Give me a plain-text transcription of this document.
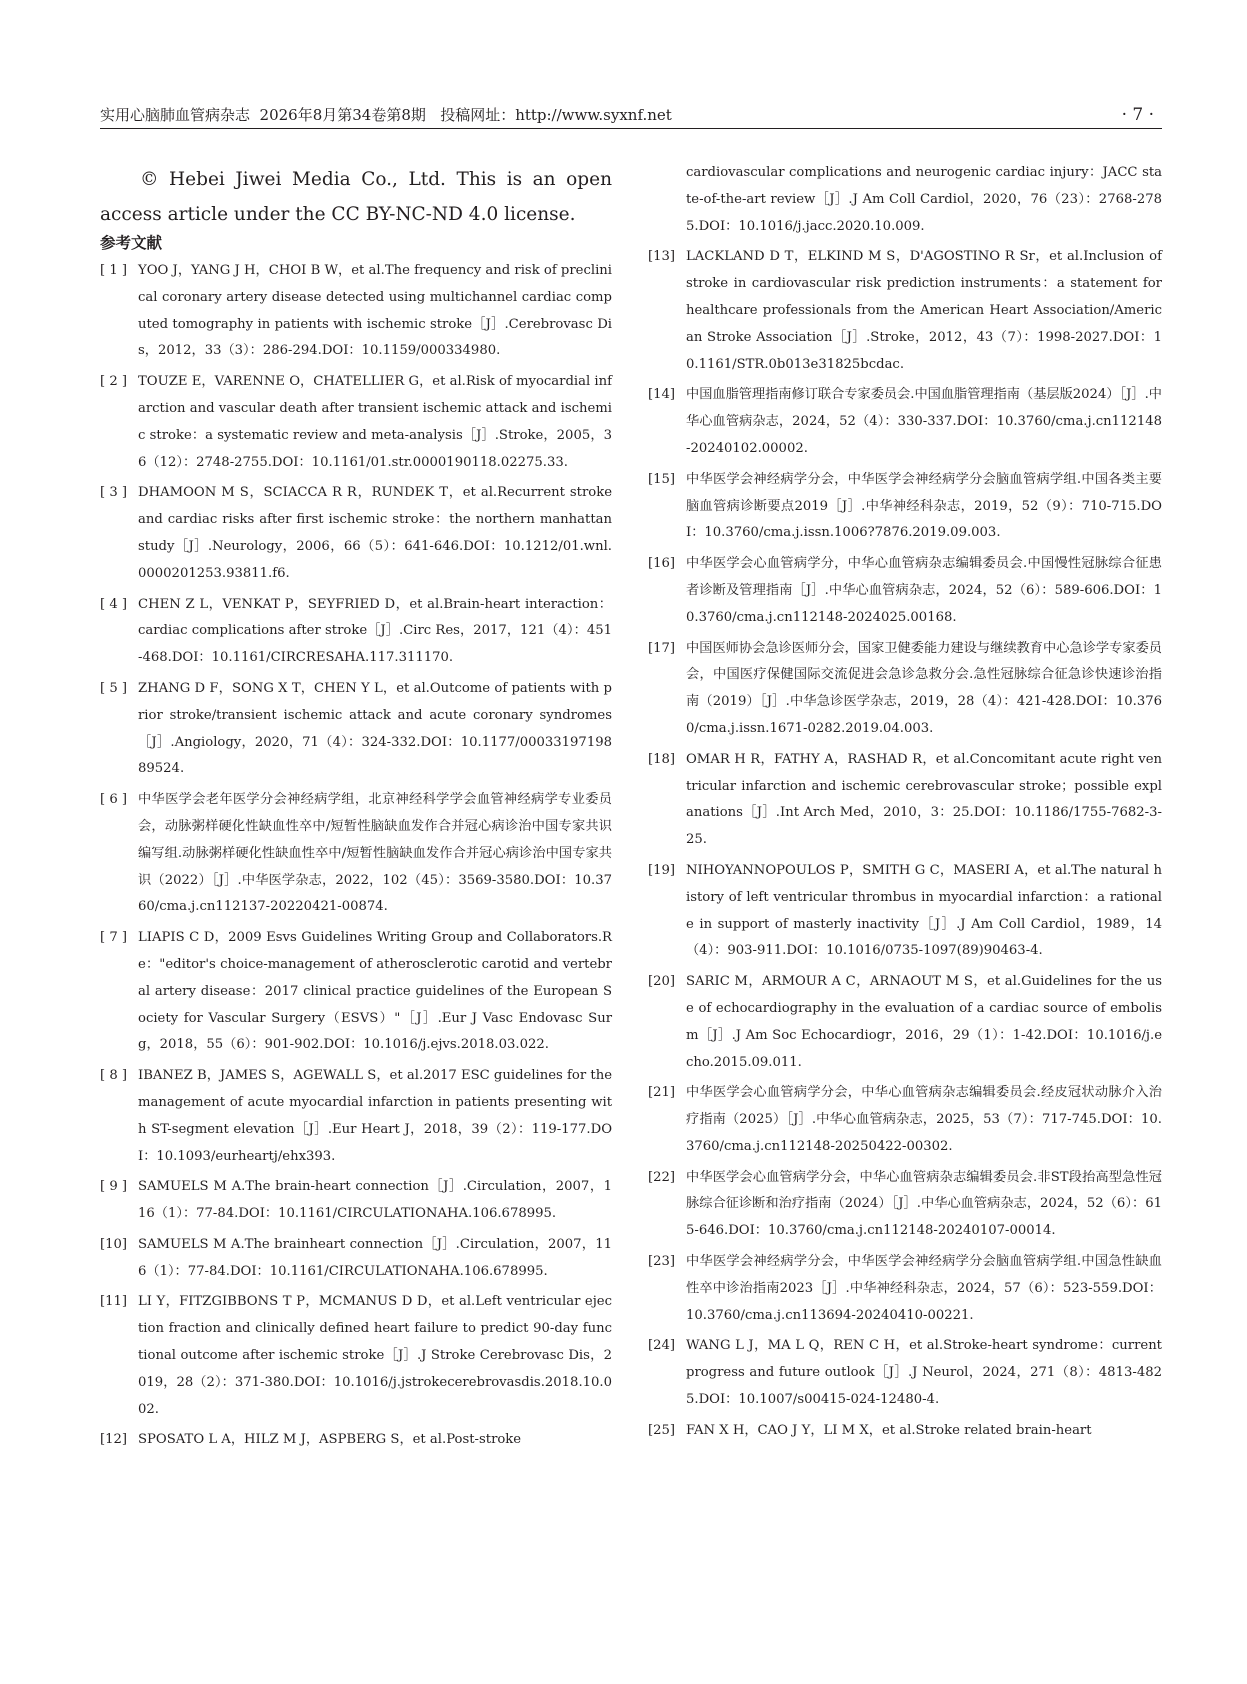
实用心脑肺血管病杂志  2026年8月第34卷第8期   投稿网址：http://www.syxnf.net	· 7 ·

© Hebei Jiwei Media Co., Ltd. This is an open access article under the CC BY-NC-ND 4.0 license.

参考文献
[ 1 ] YOO J，YANG J H，CHOI B W，et al.The frequency and risk of preclinical coronary artery disease detected using multichannel cardiac computed tomography in patients with ischemic stroke［J］.Cerebrovasc Dis，2012，33（3）：286-294.DOI：10.1159/000334980.
[ 2 ] TOUZE E，VARENNE O，CHATELLIER G，et al.Risk of myocardial infarction and vascular death after transient ischemic attack and ischemic stroke：a systematic review and meta-analysis［J］.Stroke，2005，36（12）：2748-2755.DOI：10.1161/01.str.0000190118.02275.33.
[ 3 ] DHAMOON M S，SCIACCA R R，RUNDEK T，et al.Recurrent stroke and cardiac risks after first ischemic stroke：the northern manhattan study［J］.Neurology，2006，66（5）：641-646.DOI：10.1212/01.wnl.0000201253.93811.f6.
[ 4 ] CHEN Z L，VENKAT P，SEYFRIED D，et al.Brain-heart interaction：cardiac complications after stroke［J］.Circ Res，2017，121（4）：451-468.DOI：10.1161/CIRCRESAHA.117.311170.
[ 5 ] ZHANG D F，SONG X T，CHEN Y L，et al.Outcome of patients with prior stroke/transient ischemic attack and acute coronary syndromes［J］.Angiology，2020，71（4）：324-332.DOI：10.1177/0003319719889524.
[ 6 ] 中华医学会老年医学分会神经病学组，北京神经科学学会血管神经病学专业委员会，动脉粥样硬化性缺血性卒中/短暂性脑缺血发作合并冠心病诊治中国专家共识编写组.动脉粥样硬化性缺血性卒中/短暂性脑缺血发作合并冠心病诊治中国专家共识（2022）［J］.中华医学杂志，2022，102（45）：3569-3580.DOI：10.3760/cma.j.cn112137-20220421-00874.
[ 7 ] LIAPIS C D，2009 Esvs Guidelines Writing Group and Collaborators.Re："editor's choice-management of atherosclerotic carotid and vertebral artery disease：2017 clinical practice guidelines of the European Society for Vascular Surgery（ESVS）"［J］.Eur J Vasc Endovasc Surg，2018，55（6）：901-902.DOI：10.1016/j.ejvs.2018.03.022.
[ 8 ] IBANEZ B，JAMES S，AGEWALL S，et al.2017 ESC guidelines for the management of acute myocardial infarction in patients presenting with ST-segment elevation［J］.Eur Heart J，2018，39（2）：119-177.DOI：10.1093/eurheartj/ehx393.
[ 9 ] SAMUELS M A.The brain-heart connection［J］.Circulation，2007，116（1）：77-84.DOI：10.1161/CIRCULATIONAHA.106.678995.
[10] SAMUELS M A.The brainheart connection［J］.Circulation，2007，116（1）：77-84.DOI：10.1161/CIRCULATIONAHA.106.678995.
[11] LI Y，FITZGIBBONS T P，MCMANUS D D，et al.Left ventricular ejection fraction and clinically defined heart failure to predict 90-day functional outcome after ischemic stroke［J］.J Stroke Cerebrovasc Dis，2019，28（2）：371-380.DOI：10.1016/j.jstrokecerebrovasdis.2018.10.002.
[12] SPOSATO L A，HILZ M J，ASPBERG S，et al.Post-stroke
cardiovascular complications and neurogenic cardiac injury：JACC state-of-the-art review［J］.J Am Coll Cardiol，2020，76（23）：2768-2785.DOI：10.1016/j.jacc.2020.10.009.
[13] LACKLAND D T，ELKIND M S，D'AGOSTINO R Sr，et al.Inclusion of stroke in cardiovascular risk prediction instruments：a statement for healthcare professionals from the American Heart Association/American Stroke Association［J］.Stroke，2012，43（7）：1998-2027.DOI：10.1161/STR.0b013e31825bcdac.
[14] 中国血脂管理指南修订联合专家委员会.中国血脂管理指南（基层版2024）［J］.中华心血管病杂志，2024，52（4）：330-337.DOI：10.3760/cma.j.cn112148-20240102.00002.
[15] 中华医学会神经病学分会，中华医学会神经病学分会脑血管病学组.中国各类主要脑血管病诊断要点2019［J］.中华神经科杂志，2019，52（9）：710-715.DOI：10.3760/cma.j.issn.1006?7876.2019.09.003.
[16] 中华医学会心血管病学分，中华心血管病杂志编辑委员会.中国慢性冠脉综合征患者诊断及管理指南［J］.中华心血管病杂志，2024，52（6）：589-606.DOI：10.3760/cma.j.cn112148-2024025.00168.
[17] 中国医师协会急诊医师分会，国家卫健委能力建设与继续教育中心急诊学专家委员会，中国医疗保健国际交流促进会急诊急救分会.急性冠脉综合征急诊快速诊治指南（2019）［J］.中华急诊医学杂志，2019，28（4）：421-428.DOI：10.3760/cma.j.issn.1671-0282.2019.04.003.
[18] OMAR H R，FATHY A，RASHAD R，et al.Concomitant acute right ventricular infarction and ischemic cerebrovascular stroke；possible explanations［J］.Int Arch Med，2010，3：25.DOI：10.1186/1755-7682-3-25.
[19] NIHOYANNOPOULOS P，SMITH G C，MASERI A，et al.The natural history of left ventricular thrombus in myocardial infarction：a rationale in support of masterly inactivity［J］.J Am Coll Cardiol，1989，14（4）：903-911.DOI：10.1016/0735-1097(89)90463-4.
[20] SARIC M，ARMOUR A C，ARNAOUT M S，et al.Guidelines for the use of echocardiography in the evaluation of a cardiac source of embolism［J］.J Am Soc Echocardiogr，2016，29（1）：1-42.DOI：10.1016/j.echo.2015.09.011.
[21] 中华医学会心血管病学分会，中华心血管病杂志编辑委员会.经皮冠状动脉介入治疗指南（2025）［J］.中华心血管病杂志，2025，53（7）：717-745.DOI：10.3760/cma.j.cn112148-20250422-00302.
[22] 中华医学会心血管病学分会，中华心血管病杂志编辑委员会.非ST段抬高型急性冠脉综合征诊断和治疗指南（2024）［J］.中华心血管病杂志，2024，52（6）：615-646.DOI：10.3760/cma.j.cn112148-20240107-00014.
[23] 中华医学会神经病学分会，中华医学会神经病学分会脑血管病学组.中国急性缺血性卒中诊治指南2023［J］.中华神经科杂志，2024，57（6）：523-559.DOI：10.3760/cma.j.cn113694-20240410-00221.
[24] WANG L J，MA L Q，REN C H，et al.Stroke-heart syndrome：current progress and future outlook［J］.J Neurol，2024，271（8）：4813-4825.DOI：10.1007/s00415-024-12480-4.
[25] FAN X H，CAO J Y，LI M X，et al.Stroke related brain-heart
